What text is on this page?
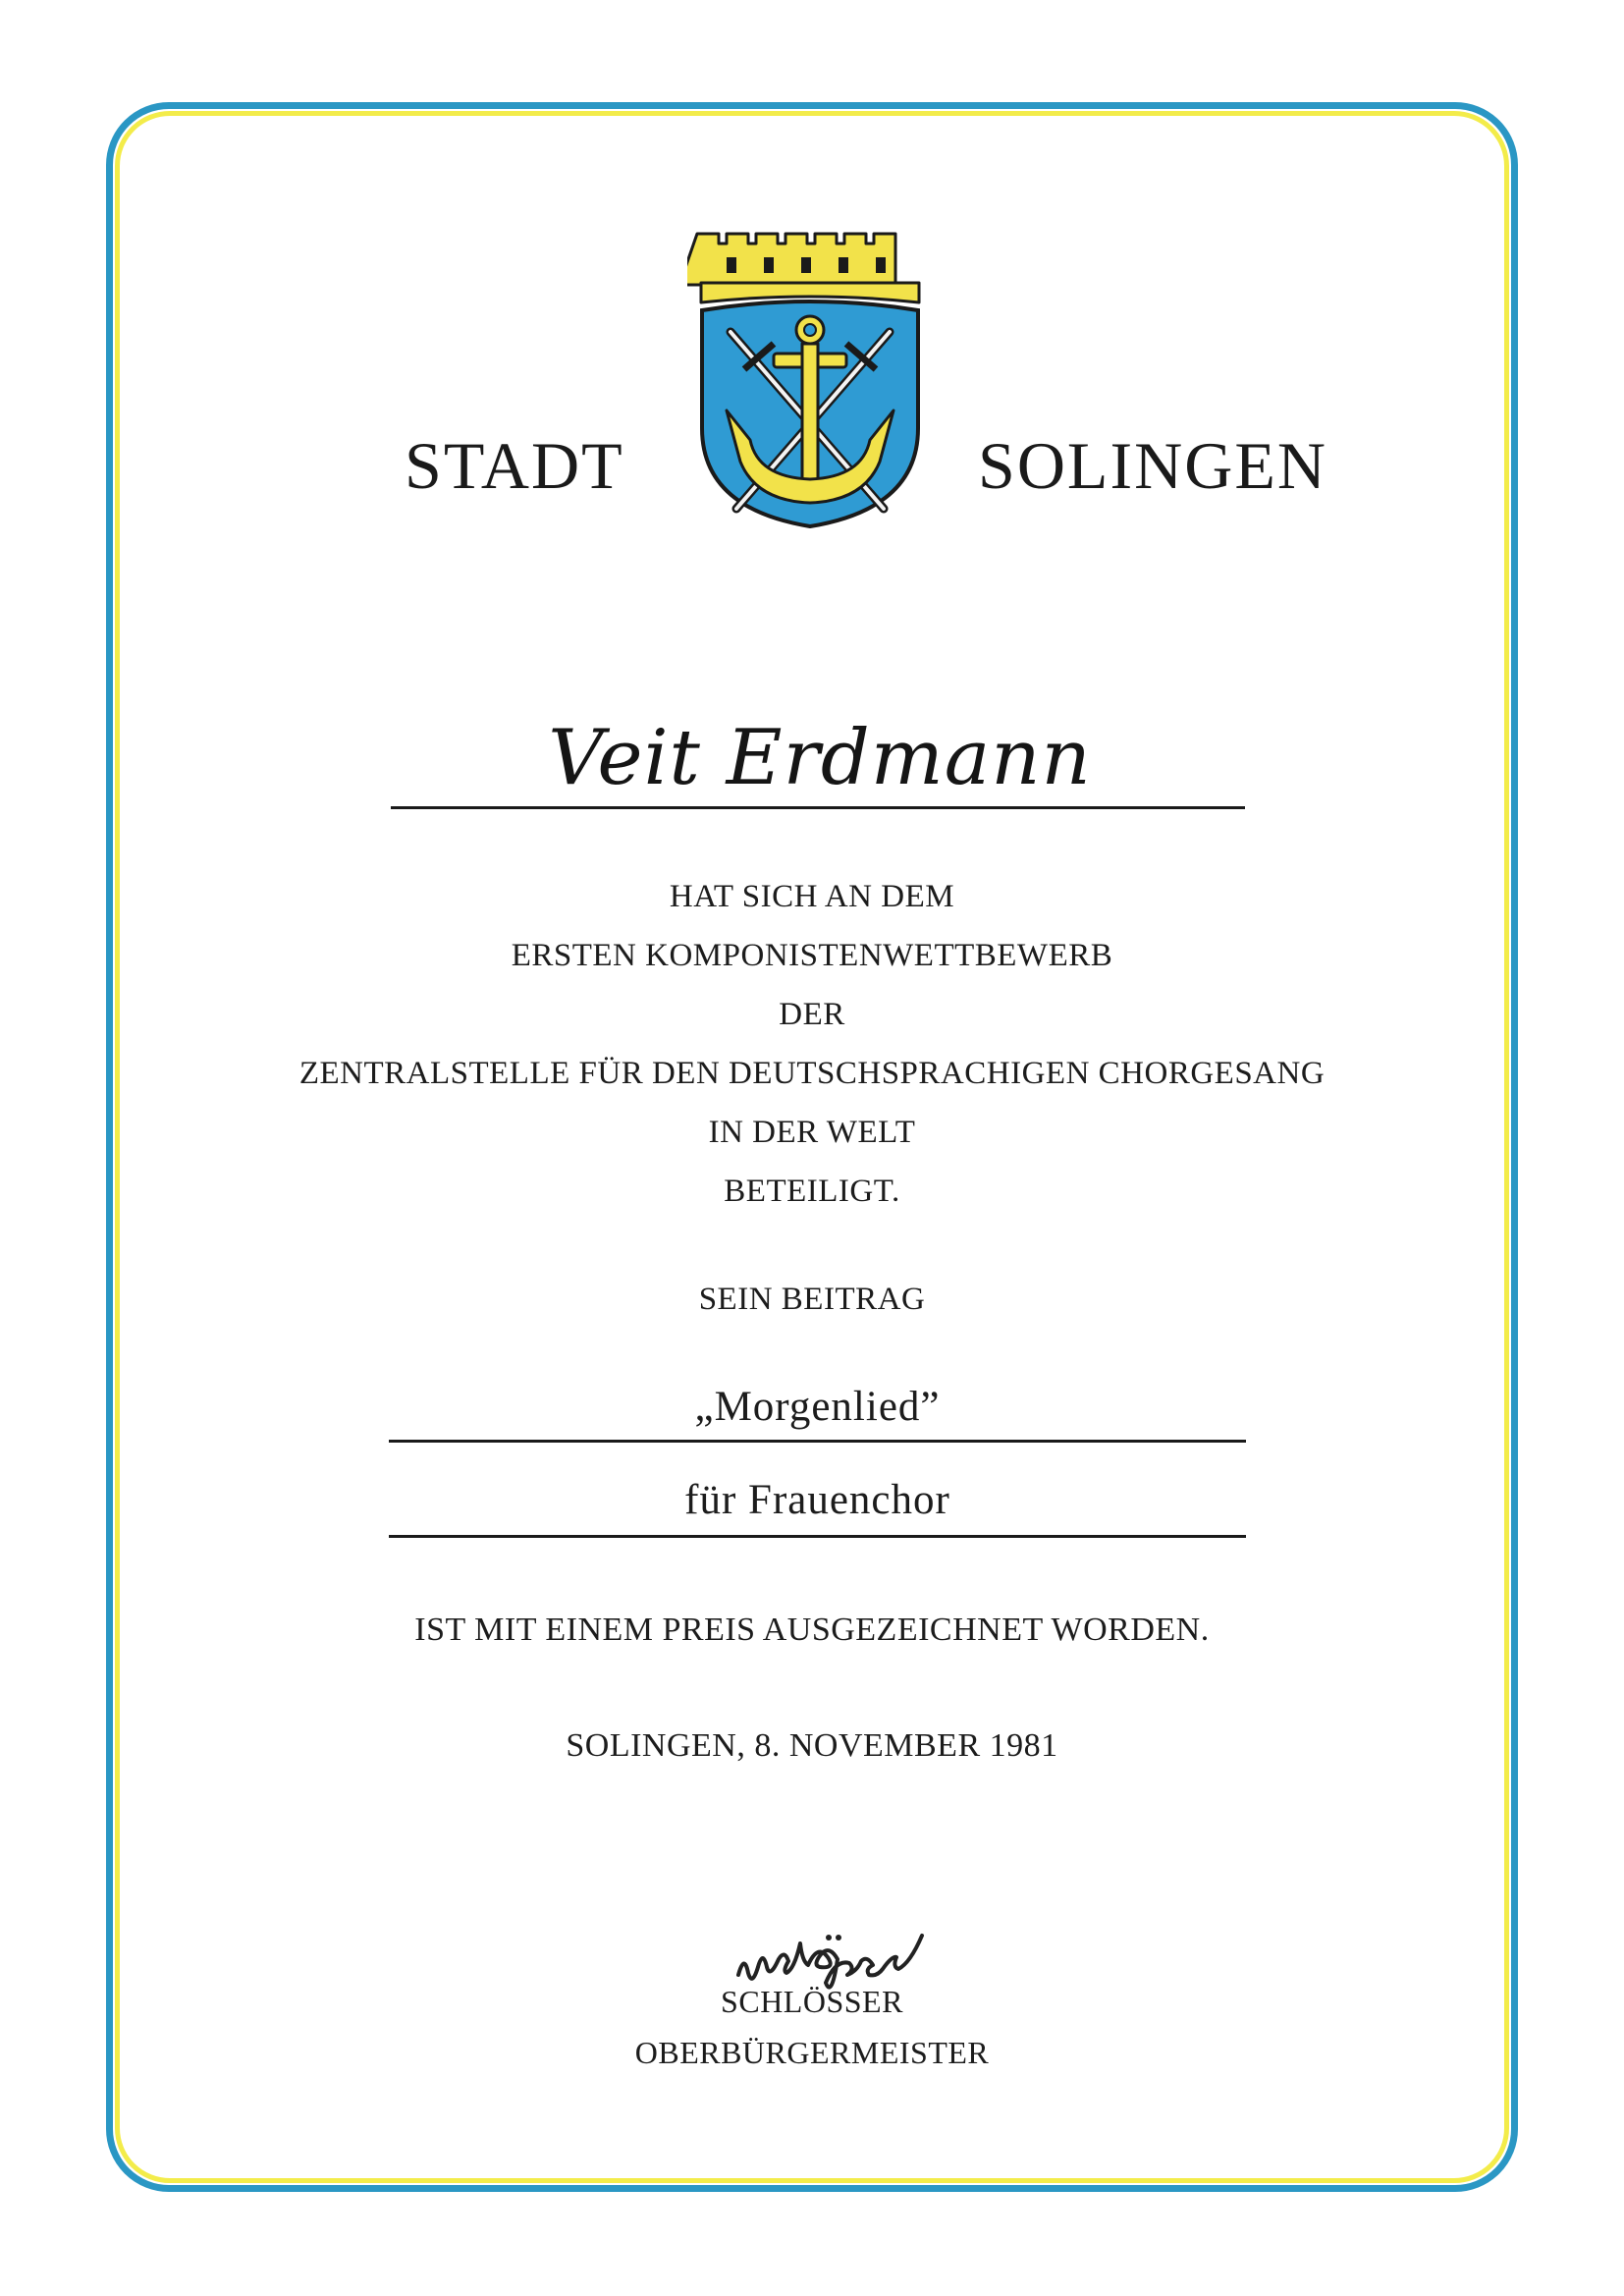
STADT	SOLINGEN
Veit Erdmann
HAT SICH AN DEM
ERSTEN KOMPONISTENWETTBEWERB
DER
ZENTRALSTELLE FÜR DEN DEUTSCHSPRACHIGEN CHORGESANG
IN DER WELT
BETEILIGT.
SEIN BEITRAG
„Morgenlied”
für Frauenchor
IST MIT EINEM PREIS AUSGEZEICHNET WORDEN.
SOLINGEN, 8. NOVEMBER 1981
SCHLÖSSER
OBERBÜRGERMEISTER
